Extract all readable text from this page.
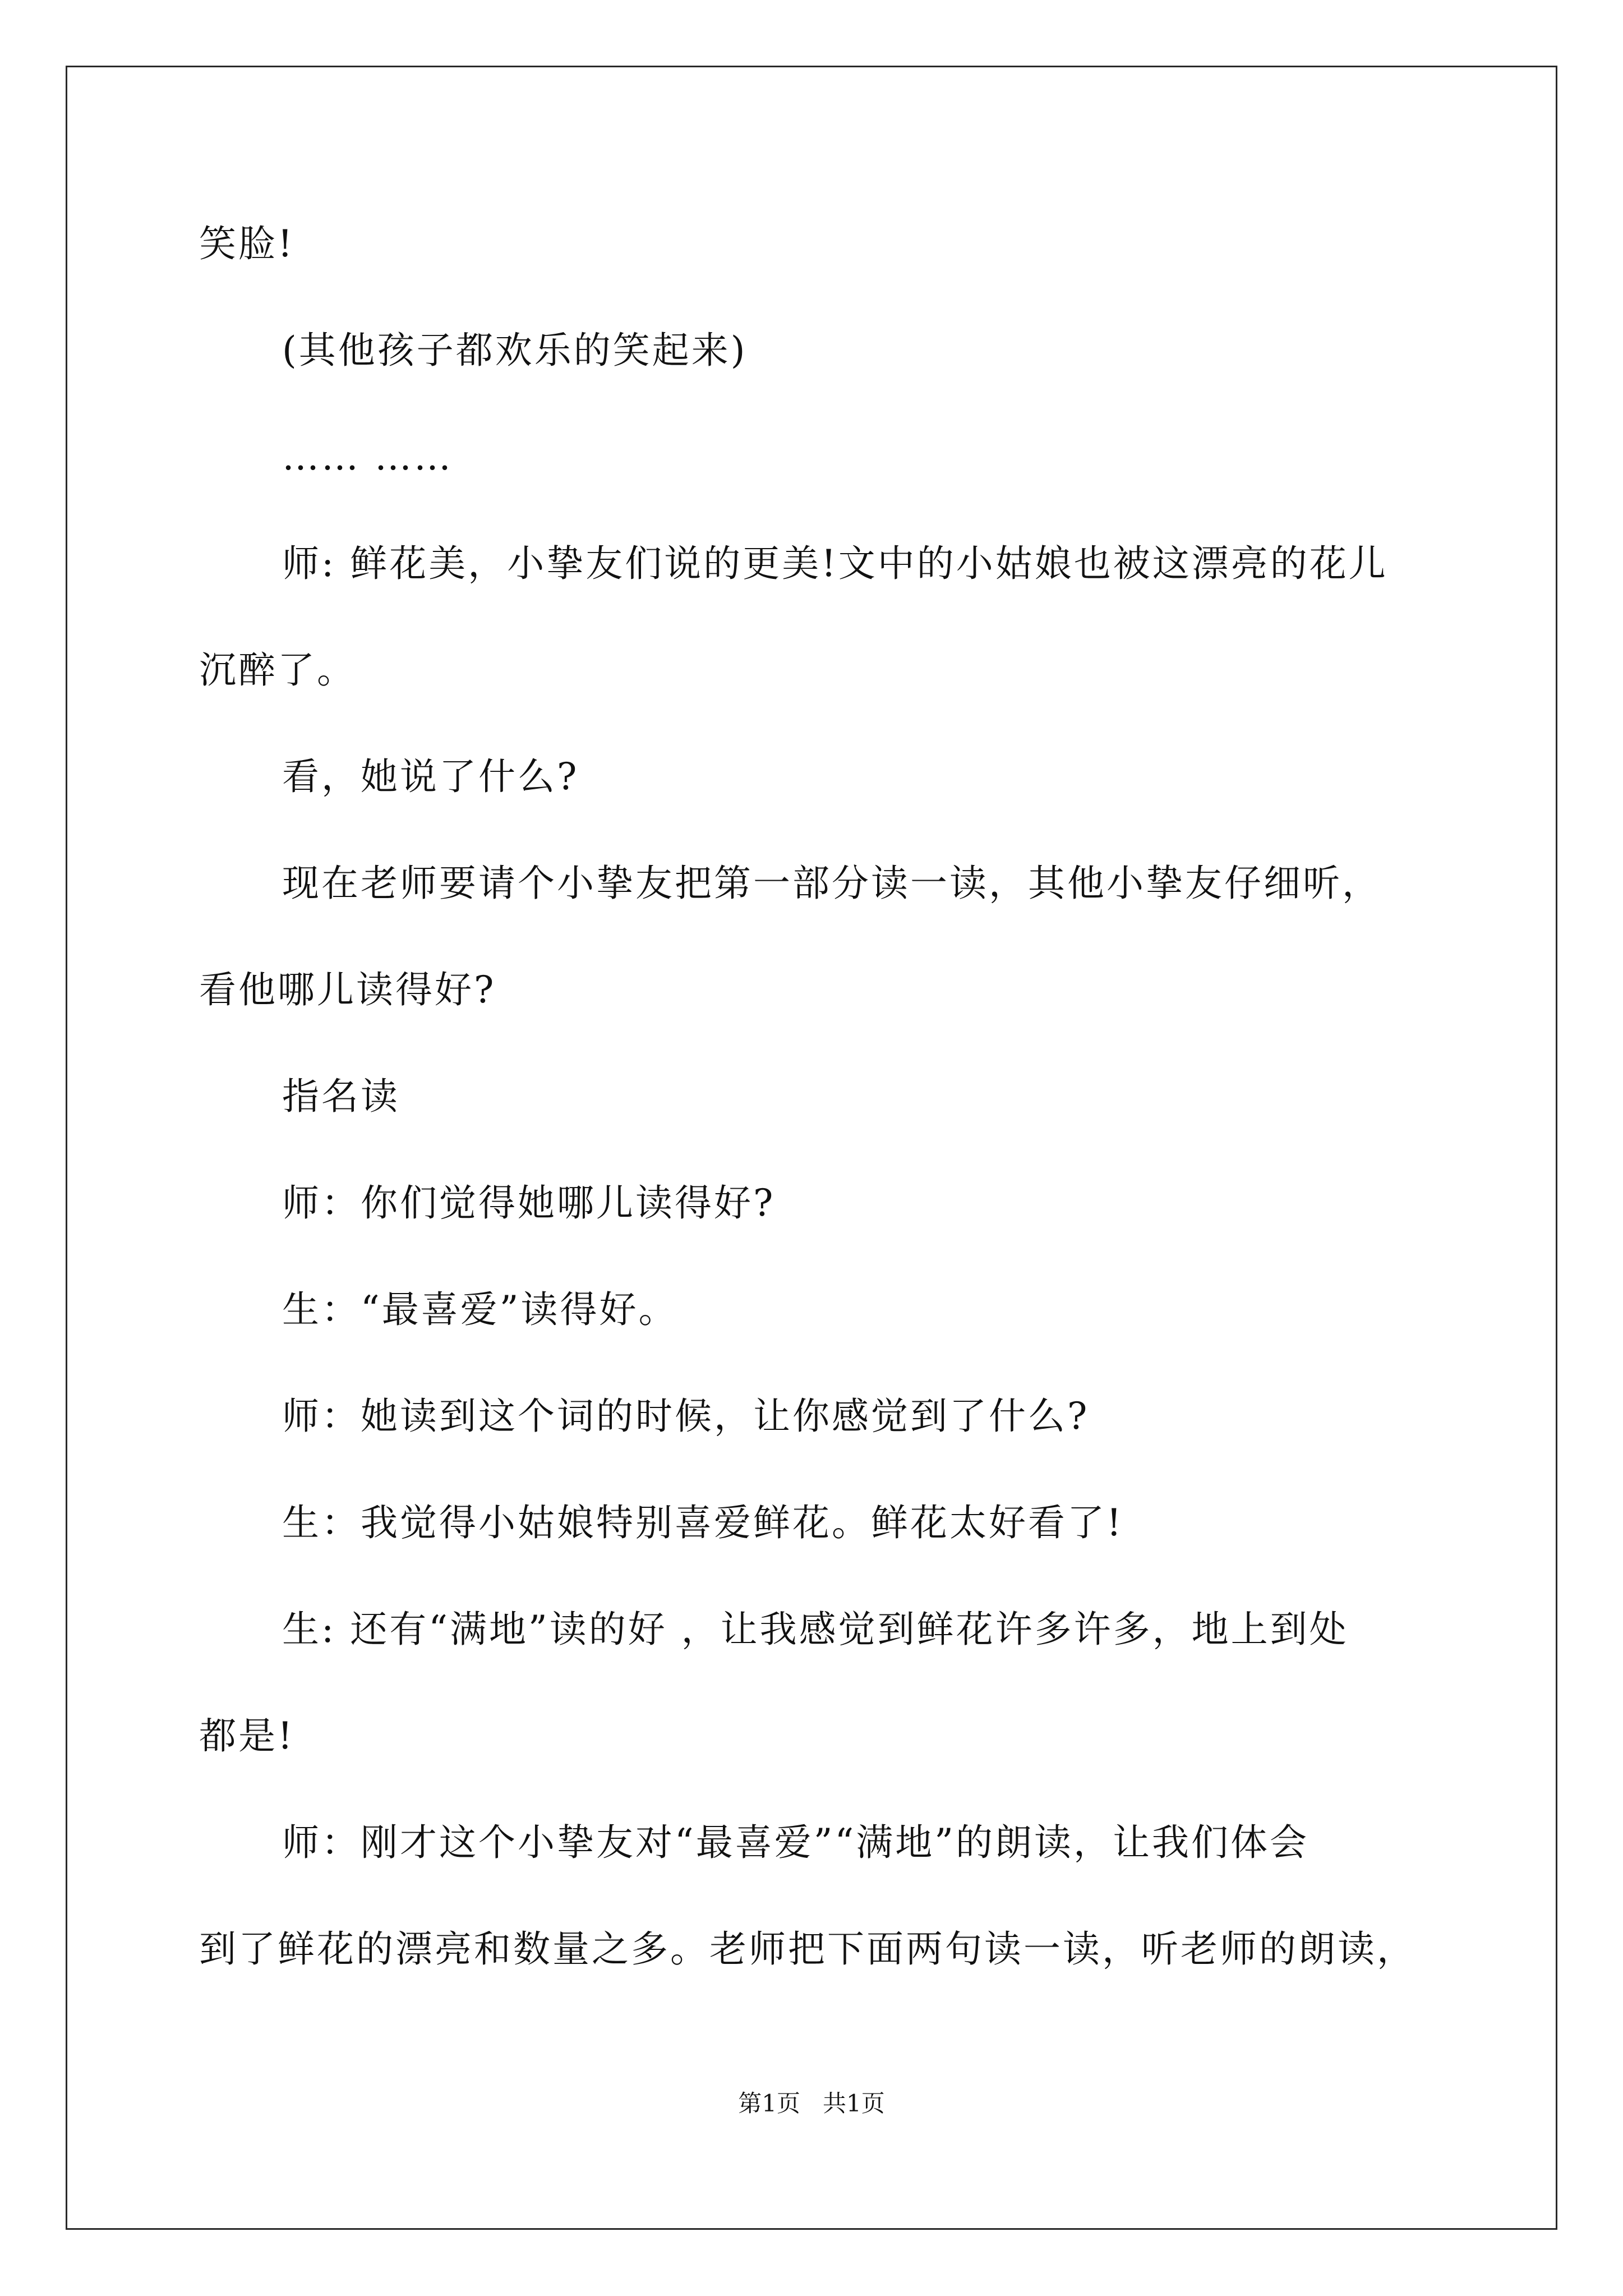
笑脸!
(其他孩子都欢乐的笑起来)
…… ……
师: 鲜花美，小挚友们说的更美!文中的小姑娘也被这漂亮的花儿
沉醉了。
看，她说了什么?
现在老师要请个小挚友把第一部分读一读，其他小挚友仔细听，
看他哪儿读得好?
指名读
师：你们觉得她哪儿读得好?
生：“最喜爱”读得好。
师：她读到这个词的时候，让你感觉到了什么?
生：我觉得小姑娘特别喜爱鲜花。鲜花太好看了!
生: 还有“满地”读的好 ，让我感觉到鲜花许多许多，地上到处
都是!
师：刚才这个小挚友对“最喜爱”“满地”的朗读，让我们体会
到了鲜花的漂亮和数量之多。老师把下面两句读一读，听老师的朗读，
第1页   共1页
